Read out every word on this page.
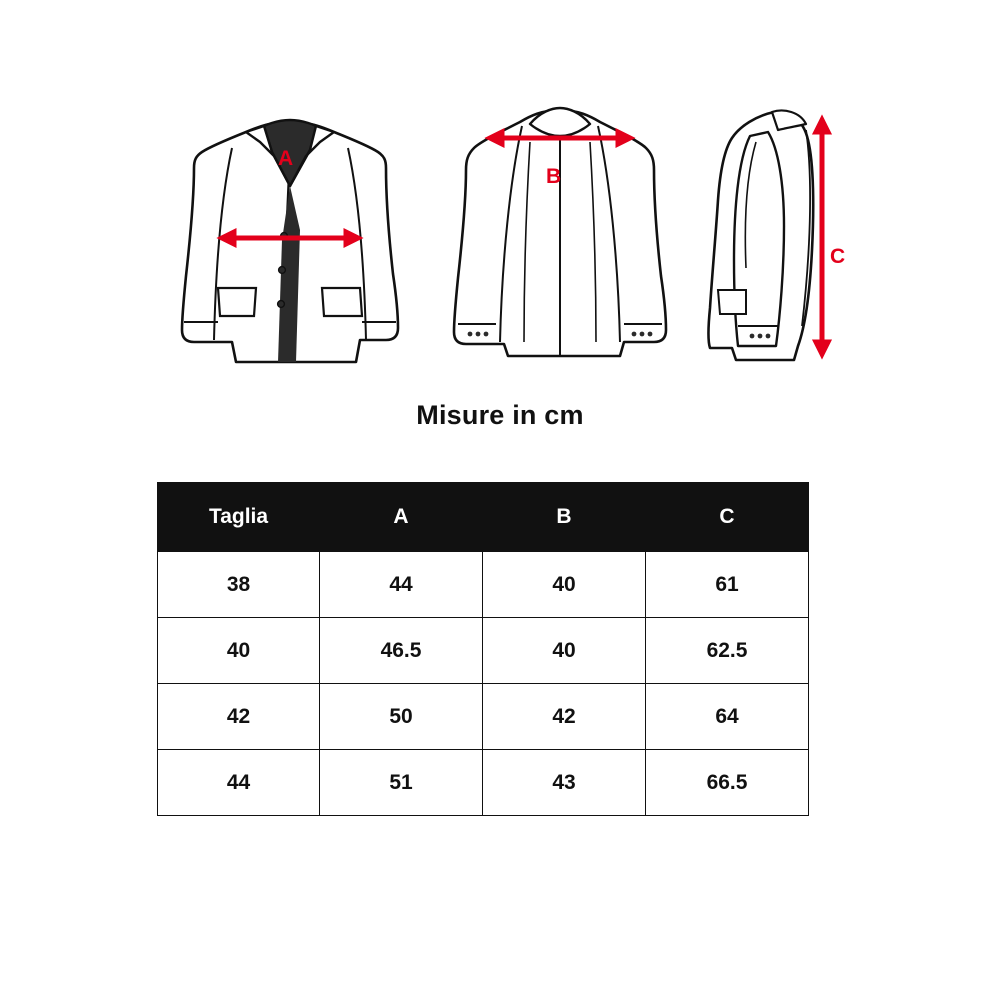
A
B
C
Misure in cm
Taglia	A	B	C
38	44	40	61
40	46.5	40	62.5
42	50	42	64
44	51	43	66.5
